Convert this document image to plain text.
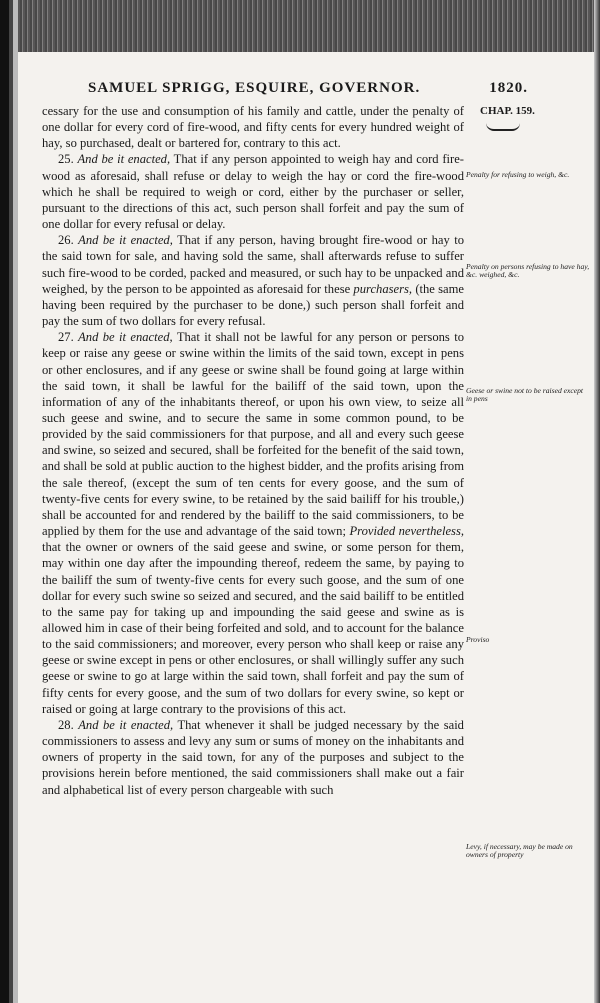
SAMUEL SPRIGG, ESQUIRE, GOVERNOR.	1820.

cessary for the use and consumption of his family and cattle, under the penalty of one dollar for every cord of fire-wood, and fifty cents for every hundred weight of hay, so purchased, dealt or bartered for, contrary to this act.

25. And be it enacted, That if any person appointed to weigh hay and cord fire-wood as aforesaid, shall refuse or delay to weigh the hay or cord the fire-wood which he shall be required to weigh or cord, either by the purchaser or seller, pursuant to the directions of this act, such person shall forfeit and pay the sum of one dollar for every refusal or delay.

26. And be it enacted, That if any person, having brought fire-wood or hay to the said town for sale, and having sold the same, shall afterwards refuse to suffer such fire-wood to be corded, packed and measured, or such hay to be unpacked and weighed, by the person to be appointed as aforesaid for these purchasers, (the same having been required by the purchaser to be done,) such person shall forfeit and pay the sum of two dollars for every refusal.

27. And be it enacted, That it shall not be lawful for any person or persons to keep or raise any geese or swine within the limits of the said town, except in pens or other enclosures, and if any geese or swine shall be found going at large within the said town, it shall be lawful for the bailiff of the said town, upon the information of any of the inhabitants thereof, or upon his own view, to seize all such geese and swine, and to secure the same in some common pound, to be provided by the said commissioners for that purpose, and all and every such geese and swine, so seized and secured, shall be forfeited for the benefit of the said town, and shall be sold at public auction to the highest bidder, and the profits arising from the sale thereof, (except the sum of ten cents for every goose, and the sum of twenty-five cents for every swine, to be retained by the said bailiff for his trouble,) shall be accounted for and rendered by the bailiff to the said commissioners, to be applied by them for the use and advantage of the said town; Provided nevertheless, that the owner or owners of the said geese and swine, or some person for them, may within one day after the impounding thereof, redeem the same, by paying to the bailiff the sum of twenty-five cents for every such goose, and the sum of one dollar for every such swine so seized and secured, and the said bailiff to be entitled to the same pay for taking up and impounding the said geese and swine as is allowed him in case of their being forfeited and sold, and to account for the balance to the said commissioners; and moreover, every person who shall keep or raise any geese or swine except in pens or other enclosures, or shall willingly suffer any such geese or swine to go at large within the said town, shall forfeit and pay the sum of fifty cents for every goose, and the sum of two dollars for every swine, so kept or raised or going at large contrary to the provisions of this act.

28. And be it enacted, That whenever it shall be judged necessary by the said commissioners to assess and levy any sum or sums of money on the inhabitants and owners of property in the said town, for any of the purposes and subject to the provisions herein before mentioned, the said commissioners shall make out a fair and alphabetical list of every person chargeable with such

CHAP. 159.
Penalty for refusing to weigh, &c.
Penalty on persons refusing to have hay, &c. weighed, &c.
Geese or swine not to be raised except in pens
Proviso
Levy, if necessary, may be made on owners of property
